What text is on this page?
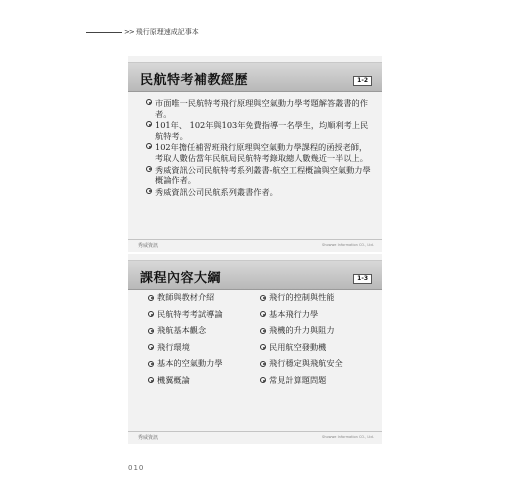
>> 飛行原理速成記事本
民航特考補教經歷	1-2
市面唯一民航特考飛行原理與空氣動力學考題解答叢書的作者。
101年、 102年與103年免費指導一名學生，均順利考上民航特考。
102年擔任補習班飛行原理與空氣動力學課程的函授老師，考取人數佔當年民航局民航特考錄取總人數幾近一半以上。
秀威資訊公司民航特考系列叢書-航空工程概論與空氣動力學概論作者。
秀威資訊公司民航系列叢書作者。
秀威資訊	Showwe Information CO., Ltd.
課程內容大綱	1-3
教師與教材介紹	飛行的控制與性能
民航特考考試導論	基本飛行力學
飛航基本觀念	飛機的升力與阻力
飛行環境	民用航空發動機
基本的空氣動力學	飛行穩定與飛航安全
機翼概論	常見計算題問題
秀威資訊	Showwe Information CO., Ltd.
010
